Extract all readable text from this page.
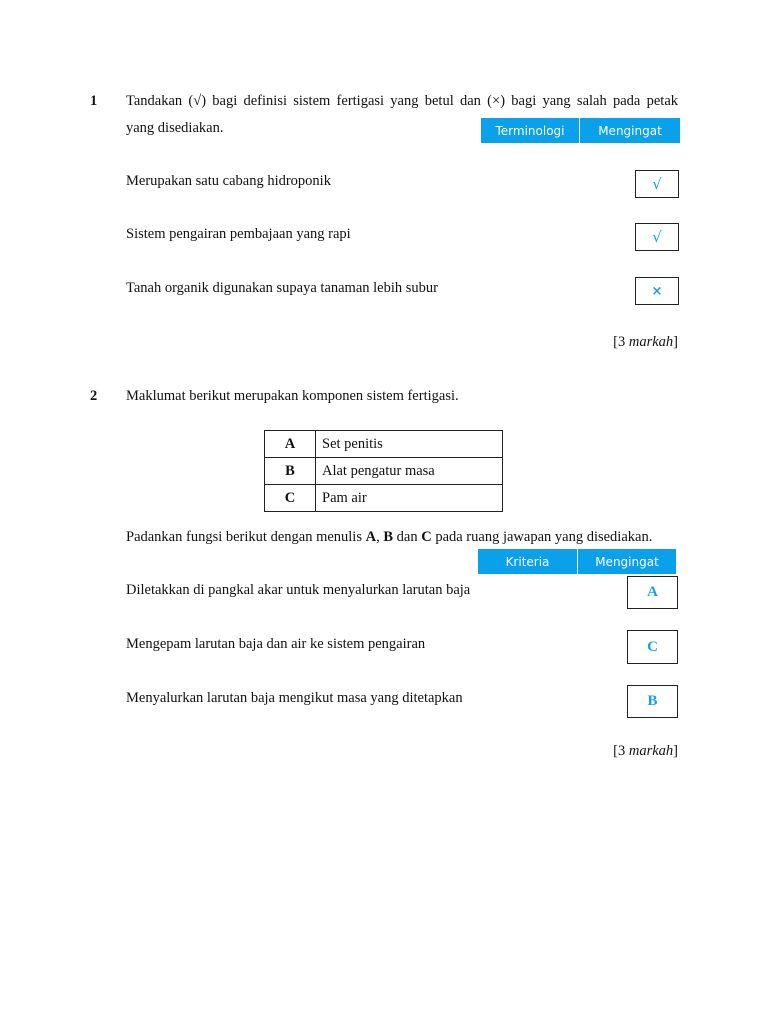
1 Tandakan (√) bagi definisi sistem fertigasi yang betul dan (×) bagi yang salah pada petak
yang disediakan.	Terminologi	Mengingat
Merupakan satu cabang hidroponik	√
Sistem pengairan pembajaan yang rapi	√
Tanah organik digunakan supaya tanaman lebih subur	×
[3 markah]
2 Maklumat berikut merupakan komponen sistem fertigasi.
A	Set penitis
B	Alat pengatur masa
C	Pam air
Padankan fungsi berikut dengan menulis A, B dan C pada ruang jawapan yang disediakan.
Kriteria	Mengingat
Diletakkan di pangkal akar untuk menyalurkan larutan baja	A
Mengepam larutan baja dan air ke sistem pengairan	C
Menyalurkan larutan baja mengikut masa yang ditetapkan	B
[3 markah]
